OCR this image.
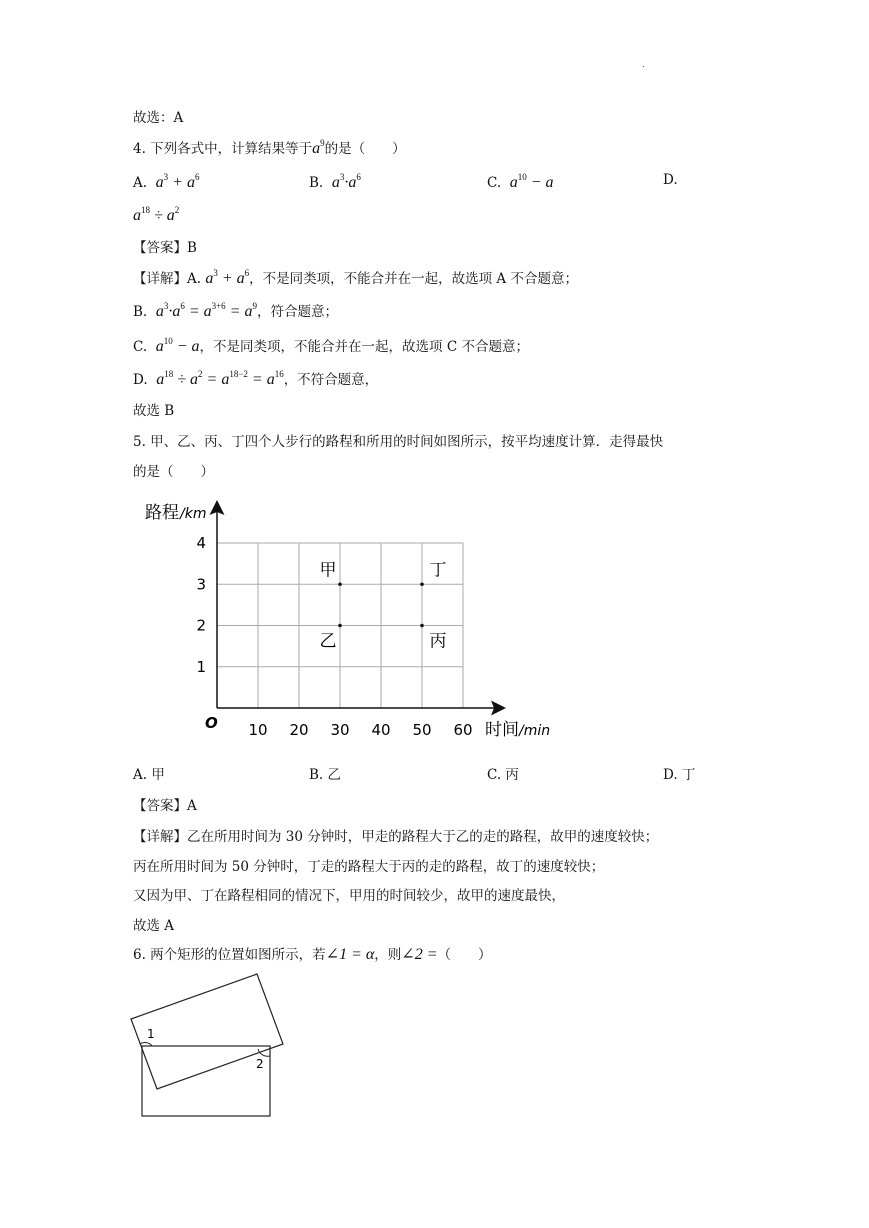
.
故选：A
4. 下列各式中，计算结果等于$a^9$的是（　　）
A. $a^3 + a^6$	B. $a^3\cdot a^6$	C. $a^{10} - a$	D.
$a^{18} \div a^2$
【答案】B
【详解】A. $a^3 + a^6$，不是同类项，不能合并在一起，故选项 A 不合题意；
B. $a^3\cdot a^6 = a^{3+6} = a^9$，符合题意；
C. $a^{10} - a$，不是同类项，不能合并在一起，故选项 C 不合题意；
D. $a^{18} \div a^2 = a^{18-2} = a^{16}$，不符合题意，
故选 B
5. 甲、乙、丙、丁四个人步行的路程和所用的时间如图所示，按平均速度计算．走得最快
的是（　　）
10 20 30 40 50 60
1
2
3
4
甲
乙	丙
丁
O
路程/km
时间/min
A. 甲	B. 乙	C. 丙	D. 丁
【答案】A
【详解】乙在所用时间为 30 分钟时，甲走的路程大于乙的走的路程，故甲的速度较快；
丙在所用时间为 50 分钟时，丁走的路程大于丙的走的路程，故丁的速度较快；
又因为甲、丁在路程相同的情况下，甲用的时间较少，故甲的速度最快，
故选 A
6. 两个矩形的位置如图所示，若∠1 = α，则∠2 =（　　）
1
2
